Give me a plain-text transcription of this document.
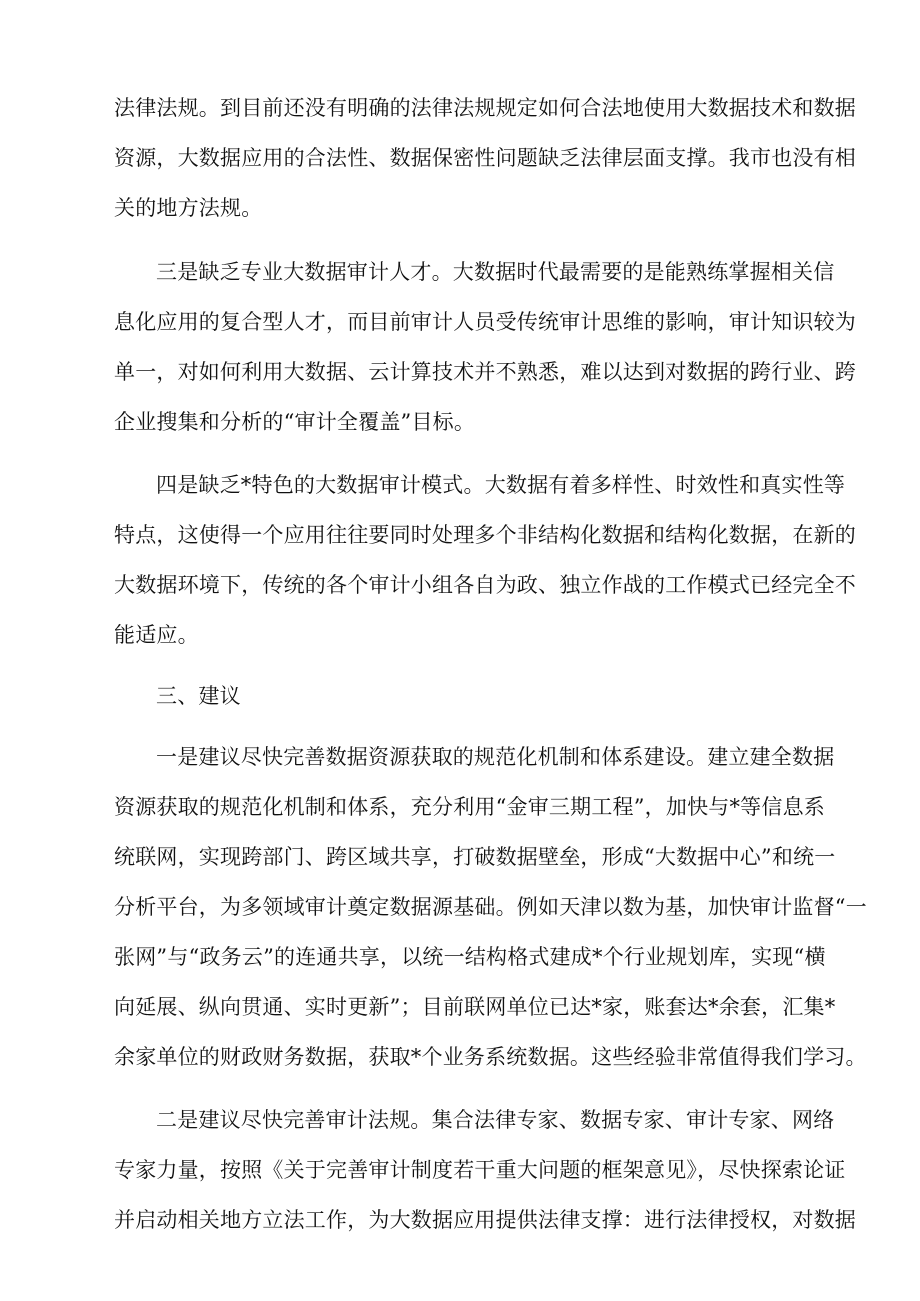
法律法规。到目前还没有明确的法律法规规定如何合法地使用大数据技术和数据
资源，大数据应用的合法性、数据保密性问题缺乏法律层面支撑。我市也没有相
关的地方法规。
三是缺乏专业大数据审计人才。大数据时代最需要的是能熟练掌握相关信
息化应用的复合型人才，而目前审计人员受传统审计思维的影响，审计知识较为
单一，对如何利用大数据、云计算技术并不熟悉，难以达到对数据的跨行业、跨
企业搜集和分析的“审计全覆盖”目标。
四是缺乏*特色的大数据审计模式。大数据有着多样性、时效性和真实性等
特点，这使得一个应用往往要同时处理多个非结构化数据和结构化数据，在新的
大数据环境下，传统的各个审计小组各自为政、独立作战的工作模式已经完全不
能适应。
三、建议
一是建议尽快完善数据资源获取的规范化机制和体系建设。建立建全数据
资源获取的规范化机制和体系，充分利用“金审三期工程”，加快与*等信息系
统联网，实现跨部门、跨区域共享，打破数据壁垒，形成“大数据中心”和统一
分析平台，为多领域审计奠定数据源基础。例如天津以数为基，加快审计监督“一
张网”与“政务云”的连通共享，以统一结构格式建成*个行业规划库，实现“横
向延展、纵向贯通、实时更新”；目前联网单位已达*家，账套达*余套，汇集*
余家单位的财政财务数据，获取*个业务系统数据。这些经验非常值得我们学习。
二是建议尽快完善审计法规。集合法律专家、数据专家、审计专家、网络
专家力量，按照《关于完善审计制度若干重大问题的框架意见》，尽快探索论证
并启动相关地方立法工作，为大数据应用提供法律支撑：进行法律授权，对数据
